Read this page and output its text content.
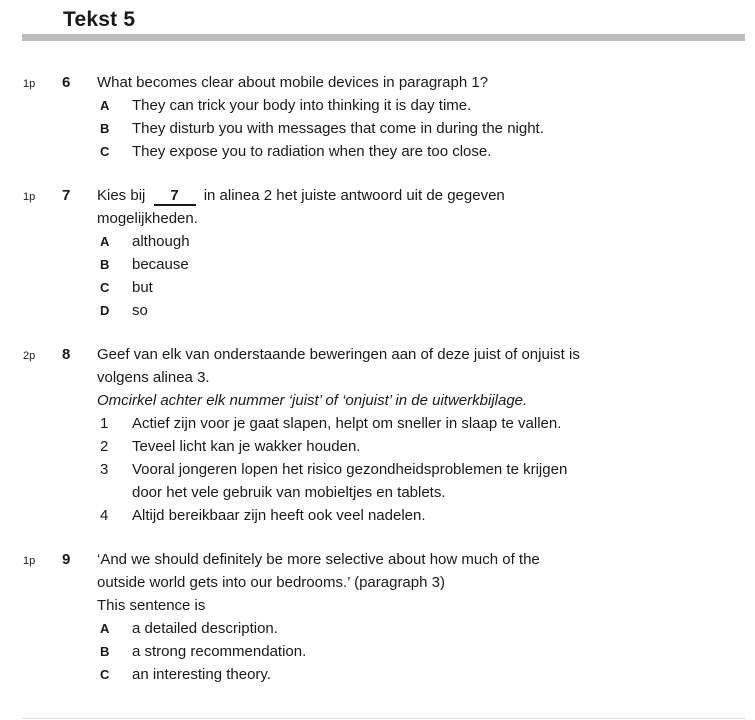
Tekst 5
1p	6	What becomes clear about mobile devices in paragraph 1?
A	They can trick your body into thinking it is day time.
B	They disturb you with messages that come in during the night.
C	They expose you to radiation when they are too close.
1p	7	Kies bij 7 in alinea 2 het juiste antwoord uit de gegeven
mogelijkheden.
A	although
B	because
C	but
D	so
2p	8	Geef van elk van onderstaande beweringen aan of deze juist of onjuist is
volgens alinea 3.
Omcirkel achter elk nummer ‘juist’ of ‘onjuist’ in de uitwerkbijlage.
1	Actief zijn voor je gaat slapen, helpt om sneller in slaap te vallen.
2	Teveel licht kan je wakker houden.
3	Vooral jongeren lopen het risico gezondheidsproblemen te krijgen
door het vele gebruik van mobieltjes en tablets.
4	Altijd bereikbaar zijn heeft ook veel nadelen.
1p	9	‘And we should definitely be more selective about how much of the
outside world gets into our bedrooms.’ (paragraph 3)
This sentence is
A	a detailed description.
B	a strong recommendation.
C	an interesting theory.
